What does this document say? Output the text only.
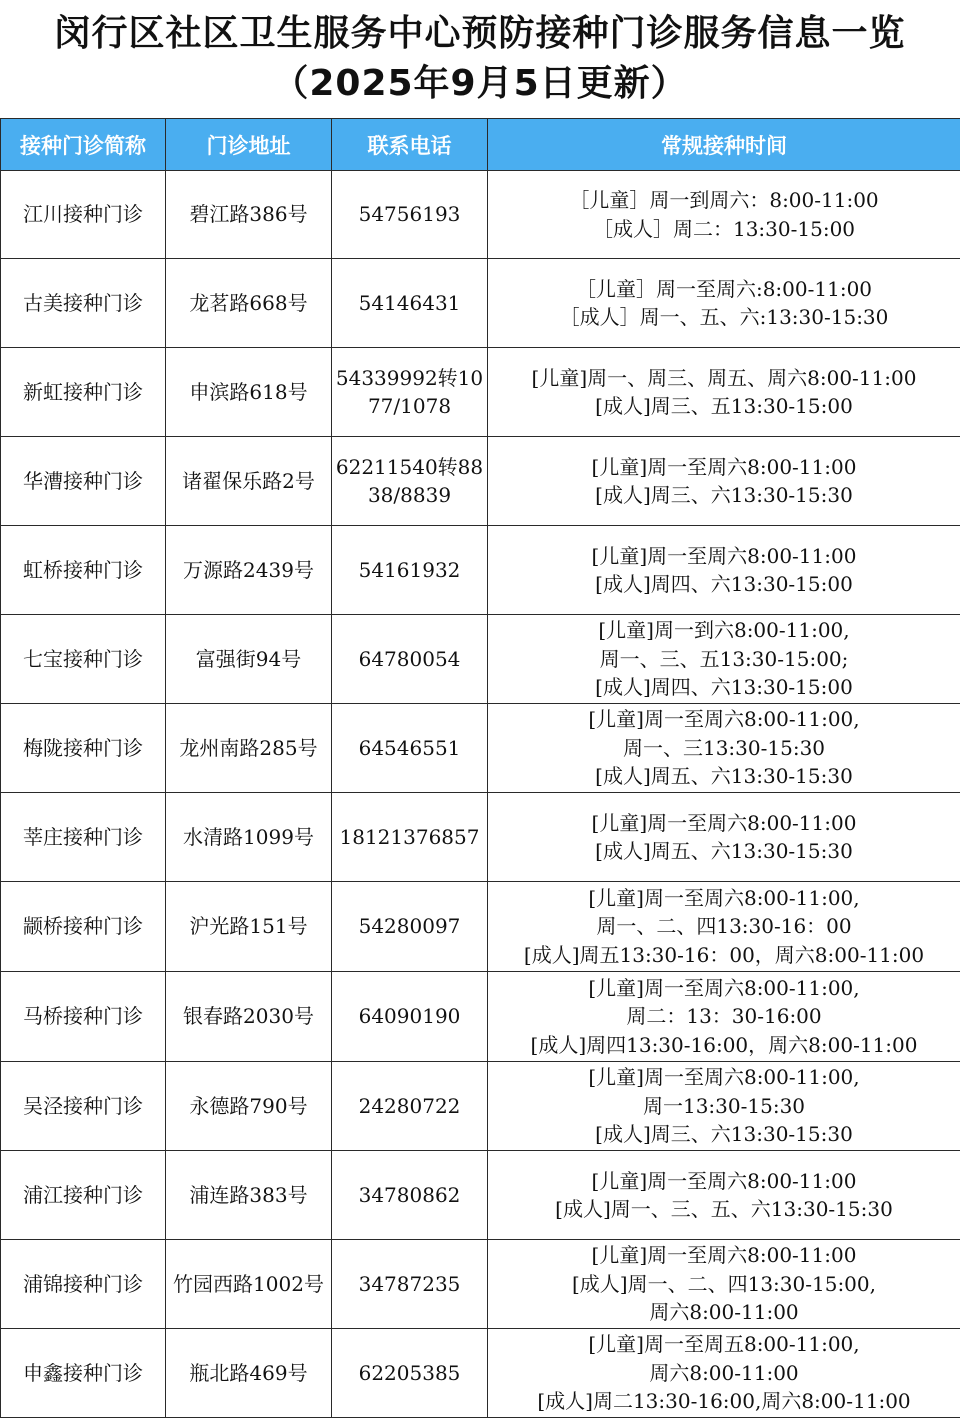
闵行区社区卫生服务中心预防接种门诊服务信息一览
（2025年9月5日更新）
接种门诊简称	门诊地址	联系电话	常规接种时间
江川接种门诊	碧江路386号	54756193	［儿童］周一到周六：8:00-11:00
［成人］周二：13:30-15:00

古美接种门诊	龙茗路668号	54146431	［儿童］周一至周六:8:00-11:00
［成人］周一、五、六:13:30-15:30

新虹接种门诊	申滨路618号	54339992转1077/1078	[儿童]周一、周三、周五、周六8:00-11:00
[成人]周三、五13:30-15:00

华漕接种门诊	诸翟保乐路2号	62211540转8838/8839	[儿童]周一至周六8:00-11:00
[成人]周三、六13:30-15:30

虹桥接种门诊	万源路2439号	54161932	[儿童]周一至周六8:00-11:00
[成人]周四、六13:30-15:00

七宝接种门诊	富强街94号	64780054	[儿童]周一到六8:00-11:00,
周一、三、五13:30-15:00;
[成人]周四、六13:30-15:00

梅陇接种门诊	龙州南路285号	64546551	[儿童]周一至周六8:00-11:00,
周一、三13:30-15:30
[成人]周五、六13:30-15:30

莘庄接种门诊	水清路1099号	18121376857	[儿童]周一至周六8:00-11:00
[成人]周五、六13:30-15:30

颛桥接种门诊	沪光路151号	54280097	[儿童]周一至周六8:00-11:00,
周一、二、四13:30-16：00
[成人]周五13:30-16：00，周六8:00-11:00

马桥接种门诊	银春路2030号	64090190	[儿童]周一至周六8:00-11:00,
周二：13：30-16:00
[成人]周四13:30-16:00，周六8:00-11:00

吴泾接种门诊	永德路790号	24280722	[儿童]周一至周六8:00-11:00,
周一13:30-15:30
[成人]周三、六13:30-15:30

浦江接种门诊	浦连路383号	34780862	[儿童]周一至周六8:00-11:00
[成人]周一、三、五、六13:30-15:30

浦锦接种门诊	竹园西路1002号	34787235	[儿童]周一至周六8:00-11:00
[成人]周一、二、四13:30-15:00,
周六8:00-11:00

申鑫接种门诊	瓶北路469号	62205385	[儿童]周一至周五8:00-11:00,
周六8:00-11:00
[成人]周二13:30-16:00,周六8:00-11:00
